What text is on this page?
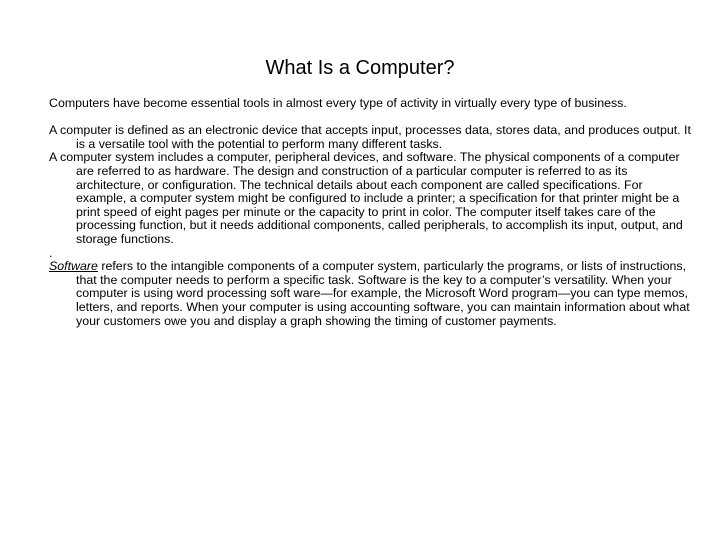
What Is a Computer?

Computers have become essential tools in almost every type of activity in virtually every type of business.

A computer is defined as an electronic device that accepts input, processes data, stores data, and produces output. It is a versatile tool with the potential to perform many different tasks.

A computer system includes a computer, peripheral devices, and software. The physical components of a computer are referred to as hardware. The design and construction of a particular computer is referred to as its architecture, or configuration. The technical details about each component are called specifications. For example, a computer system might be configured to include a printer; a specification for that printer might be a print speed of eight pages per minute or the capacity to print in color. The computer itself takes care of the processing function, but it needs additional components, called peripherals, to accomplish its input, output, and storage functions.

.

Software refers to the intangible components of a computer system, particularly the programs, or lists of instructions, that the computer needs to perform a specific task. Software is the key to a computer’s versatility. When your computer is using word processing soft ware—for example, the Microsoft Word program—you can type memos, letters, and reports. When your computer is using accounting software, you can maintain information about what your customers owe you and display a graph showing the timing of customer payments.
